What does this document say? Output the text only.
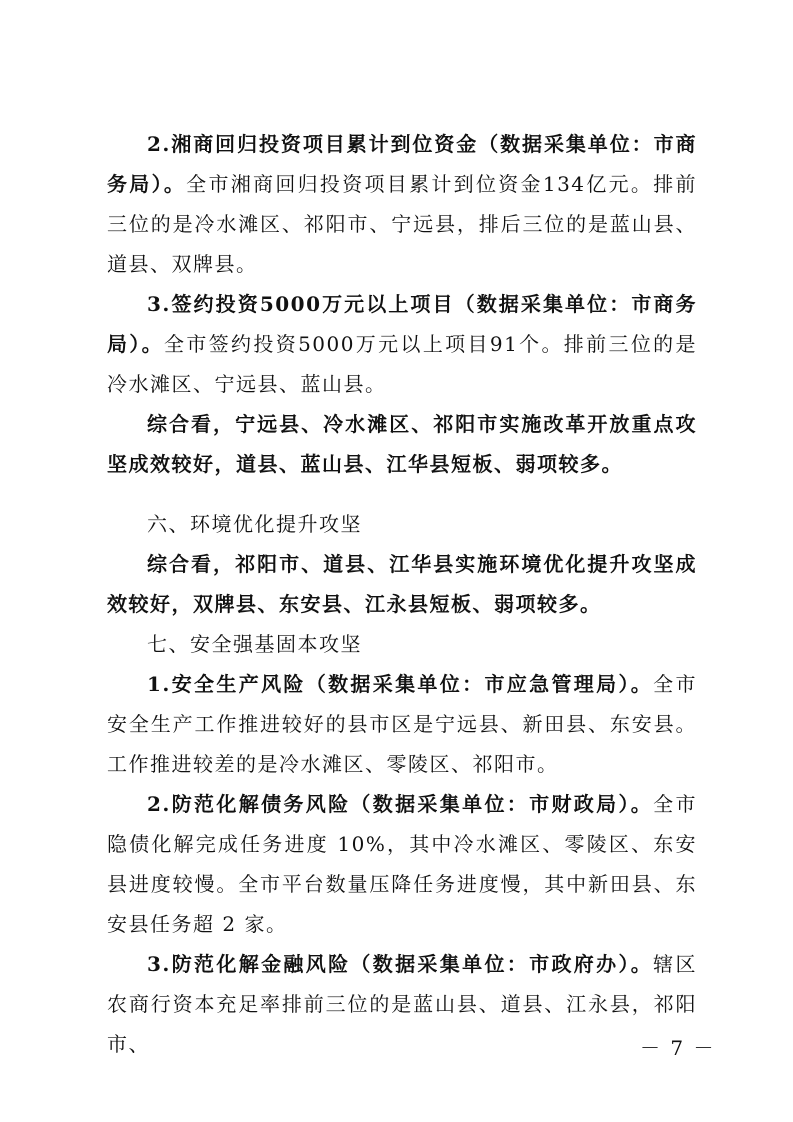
2.湘商回归投资项目累计到位资金（数据采集单位：市商务局）。全市湘商回归投资项目累计到位资金134亿元。排前三位的是冷水滩区、祁阳市、宁远县，排后三位的是蓝山县、道县、双牌县。

3.签约投资5000万元以上项目（数据采集单位：市商务局）。全市签约投资5000万元以上项目91个。排前三位的是冷水滩区、宁远县、蓝山县。

综合看，宁远县、冷水滩区、祁阳市实施改革开放重点攻坚成效较好，道县、蓝山县、江华县短板、弱项较多。

六、环境优化提升攻坚

综合看，祁阳市、道县、江华县实施环境优化提升攻坚成效较好，双牌县、东安县、江永县短板、弱项较多。

七、安全强基固本攻坚

1.安全生产风险（数据采集单位：市应急管理局）。全市安全生产工作推进较好的县市区是宁远县、新田县、东安县。工作推进较差的是冷水滩区、零陵区、祁阳市。

2.防范化解债务风险（数据采集单位：市财政局）。全市隐债化解完成任务进度 10%，其中冷水滩区、零陵区、东安县进度较慢。全市平台数量压降任务进度慢，其中新田县、东安县任务超 2 家。

3.防范化解金融风险（数据采集单位：市政府办）。辖区农商行资本充足率排前三位的是蓝山县、道县、江永县，祁阳市、	－ 7 －
